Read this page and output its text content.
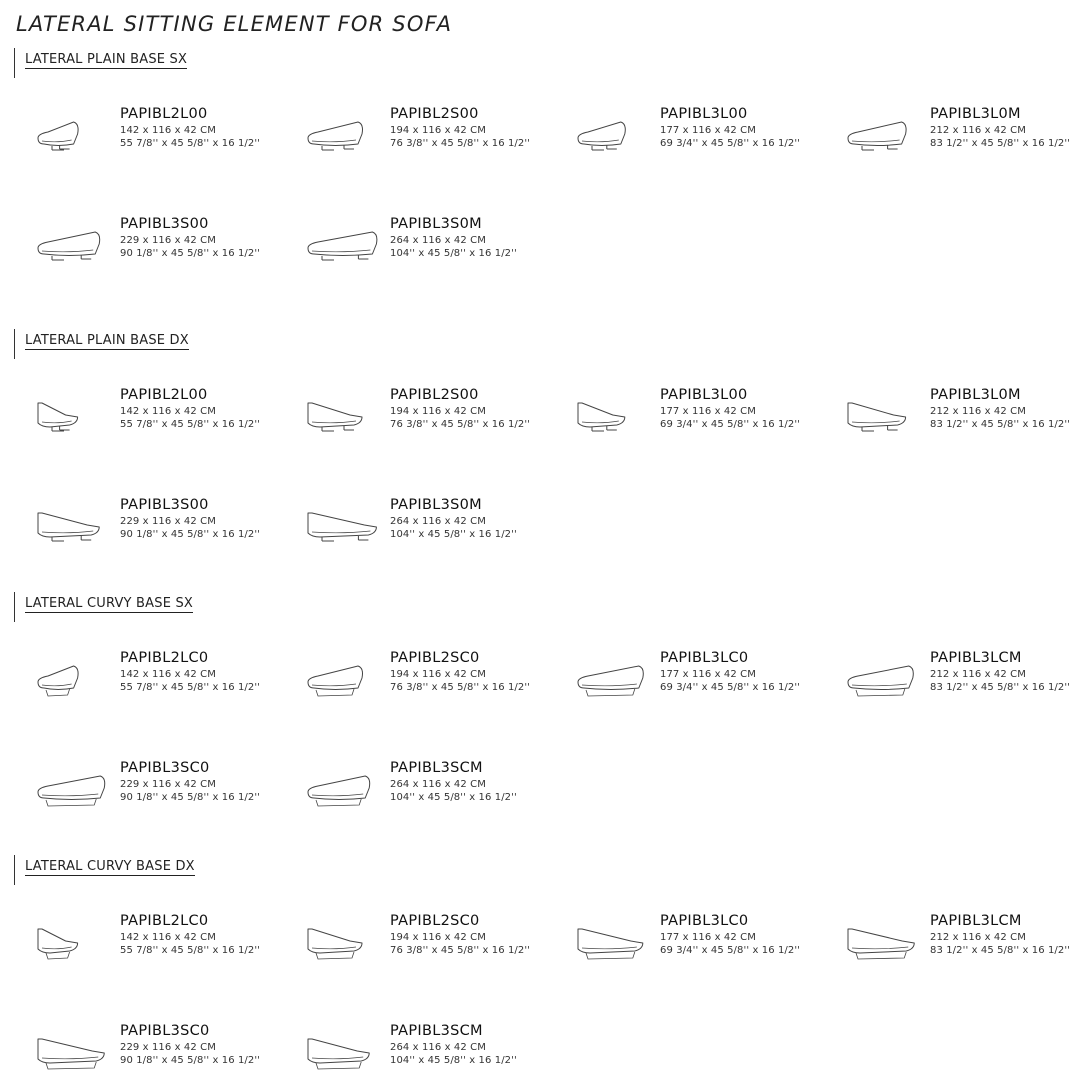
LATERAL SITTING ELEMENT FOR SOFA
LATERAL PLAIN BASE SX
PAPIBL2L00
142 x 116 x 42 CM
55 7/8'' x 45 5/8'' x 16 1/2''
PAPIBL2S00
194 x 116 x 42 CM
76 3/8'' x 45 5/8'' x 16 1/2''
PAPIBL3L00
177 x 116 x 42 CM
69 3/4'' x 45 5/8'' x 16 1/2''
PAPIBL3L0M
212 x 116 x 42 CM
83 1/2'' x 45 5/8'' x 16 1/2''
PAPIBL3S00
229 x 116 x 42 CM
90 1/8'' x 45 5/8'' x 16 1/2''
PAPIBL3S0M
264 x 116 x 42 CM
104'' x 45 5/8'' x 16 1/2''
LATERAL PLAIN BASE DX
PAPIBL2L00
142 x 116 x 42 CM
55 7/8'' x 45 5/8'' x 16 1/2''
PAPIBL2S00
194 x 116 x 42 CM
76 3/8'' x 45 5/8'' x 16 1/2''
PAPIBL3L00
177 x 116 x 42 CM
69 3/4'' x 45 5/8'' x 16 1/2''
PAPIBL3L0M
212 x 116 x 42 CM
83 1/2'' x 45 5/8'' x 16 1/2''
PAPIBL3S00
229 x 116 x 42 CM
90 1/8'' x 45 5/8'' x 16 1/2''
PAPIBL3S0M
264 x 116 x 42 CM
104'' x 45 5/8'' x 16 1/2''
LATERAL CURVY BASE SX
PAPIBL2LC0
142 x 116 x 42 CM
55 7/8'' x 45 5/8'' x 16 1/2''
PAPIBL2SC0
194 x 116 x 42 CM
76 3/8'' x 45 5/8'' x 16 1/2''
PAPIBL3LC0
177 x 116 x 42 CM
69 3/4'' x 45 5/8'' x 16 1/2''
PAPIBL3LCM
212 x 116 x 42 CM
83 1/2'' x 45 5/8'' x 16 1/2''
PAPIBL3SC0
229 x 116 x 42 CM
90 1/8'' x 45 5/8'' x 16 1/2''
PAPIBL3SCM
264 x 116 x 42 CM
104'' x 45 5/8'' x 16 1/2''
LATERAL CURVY BASE DX
PAPIBL2LC0
142 x 116 x 42 CM
55 7/8'' x 45 5/8'' x 16 1/2''
PAPIBL2SC0
194 x 116 x 42 CM
76 3/8'' x 45 5/8'' x 16 1/2''
PAPIBL3LC0
177 x 116 x 42 CM
69 3/4'' x 45 5/8'' x 16 1/2''
PAPIBL3LCM
212 x 116 x 42 CM
83 1/2'' x 45 5/8'' x 16 1/2''
PAPIBL3SC0
229 x 116 x 42 CM
90 1/8'' x 45 5/8'' x 16 1/2''
PAPIBL3SCM
264 x 116 x 42 CM
104'' x 45 5/8'' x 16 1/2''
